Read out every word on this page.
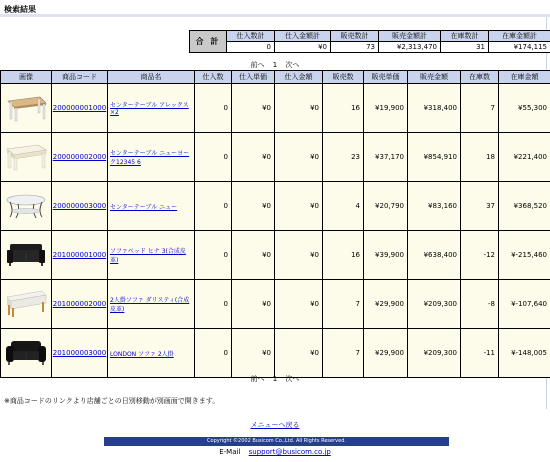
検索結果
合 計	仕入数計	仕入金額計	販売数計	販売金額計	在庫数計	在庫金額計
	0	¥0	73	¥2,313,470	31	¥174,115
前へ 1 次へ
画像	商品コード	商品名	仕入数	仕入単価	仕入金額	販売数	販売単価	販売金額	在庫数	在庫金額
	200000001000	センターテーブル アレックス×2	0	¥0	¥0	16	¥19,900	¥318,400	7	¥55,300
	200000002000	センターテーブル ニューヨーク12345 6	0	¥0	¥0	23	¥37,170	¥854,910	18	¥221,400
	200000003000	センターテーブル ニュー	0	¥0	¥0	4	¥20,790	¥83,160	37	¥368,520
	201000001000	ソファベッド ヒナ 3(合成皮革)	0	¥0	¥0	16	¥39,900	¥638,400	-12	¥-215,460
	201000002000	2人掛ソファ ダリスティ(合成皮革)	0	¥0	¥0	7	¥29,900	¥209,300	-8	¥-107,640
	201000003000	LONDON ソファ 2人掛	0	¥0	¥0	7	¥29,900	¥209,300	-11	¥-148,005
前へ 1 次へ
※商品コードのリンクより店舗ごとの日別移動が別画面で開きます。
メニューへ戻る
Copyright ©2002 Busicom Co.,Ltd. All Rights Reserved.
E-Mail support@busicom.co.jp
